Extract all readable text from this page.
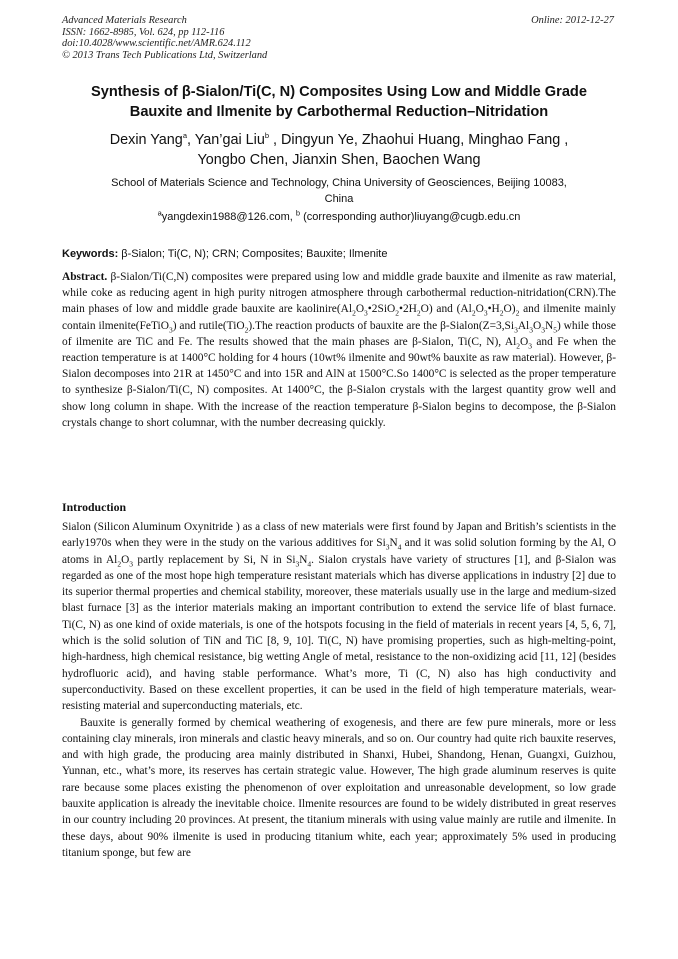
Advanced Materials Research
ISSN: 1662-8985, Vol. 624, pp 112-116
doi:10.4028/www.scientific.net/AMR.624.112
© 2013 Trans Tech Publications Ltd, Switzerland
Online: 2012-12-27
Synthesis of β-Sialon/Ti(C, N) Composites Using Low and Middle Grade
Bauxite and Ilmenite by Carbothermal Reduction–Nitridation
Dexin Yang$^a$, Yan’gai Liu$^b$ , Dingyun Ye, Zhaohui Huang, Minghao Fang ,
Yongbo Chen, Jianxin Shen, Baochen Wang
School of Materials Science and Technology, China University of Geosciences, Beijing 10083,
China
$^a$yangdexin1988@126.com, $^b$ (corresponding author)liuyang@cugb.edu.cn
Keywords: β-Sialon; Ti(C, N); CRN; Composites; Bauxite; Ilmenite
Abstract. β-Sialon/Ti(C,N) composites were prepared using low and middle grade bauxite and ilmenite as raw material, while coke as reducing agent in high purity nitrogen atmosphere through carbothermal reduction-nitridation(CRN).The main phases of low and middle grade bauxite are $kaolinire(Al_2O_3•2SiO_2•2H_2O)$ and $(Al_2O_3•H_2O)_2$ and ilmenite mainly contain ilmenite(FeTiO$_3$) and rutile(TiO$_2$).The reaction products of bauxite are the $\beta-Sialon(Z=3,Si_3Al_3O_3N_5)$ while those of ilmenite are TiC and Fe. The results showed that the main phases are β-Sialon, Ti(C, N), $Al_2O_3$ and Fe when the reaction temperature is at 1400°C holding for 4 hours (10wt% ilmenite and 90wt% bauxite as raw material). However, β-Sialon decomposes into 21R at 1450°C and into 15R and AlN at 1500°C.So 1400°C is selected as the proper temperature to synthesize β-Sialon/Ti(C, N) composites. At 1400°C, the β-Sialon crystals with the largest quantity grow well and show long column in shape. With the increase of the reaction temperature β-Sialon begins to decompose, the β-Sialon crystals change to short columnar, with the number decreasing quickly.
Introduction

Sialon (Silicon Aluminum Oxynitride ) as a class of new materials were first found by Japan and British’s scientists in the early1970s when they were in the study on the various additives for $Si_3N_4$ and it was solid solution forming by the Al, O atoms in $Al_2O_3$ partly replacement by Si, N in $Si_3N_4$. Sialon crystals have variety of structures [1], and β-Sialon was regarded as one of the most hope high temperature resistant materials which has diverse applications in industry [2] due to its superior thermal properties and chemical stability, moreover, these materials usually use in the large and medium-sized blast furnace [3] as the interior materials making an important contribution to extend the service life of blast furnace. Ti(C, N) as one kind of oxide materials, is one of the hotspots focusing in the field of materials in recent years [4, 5, 6, 7], which is the solid solution of TiN and TiC [8, 9, 10]. Ti(C, N) have promising properties, such as high-melting-point, high-hardness, high chemical resistance, big wetting Angle of metal, resistance to the non-oxidizing acid [11, 12] (besides hydrofluoric acid), and having stable performance. What’s more, Ti (C, N) also has high conductivity and superconductivity. Based on these excellent properties, it can be used in the field of high temperature materials, wear-resisting material and superconducting materials, etc.

Bauxite is generally formed by chemical weathering of exogenesis, and there are few pure minerals, more or less containing clay minerals, iron minerals and clastic heavy minerals, and so on. Our country had quite rich bauxite reserves, and with high grade, the producing area mainly distributed in Shanxi, Hubei, Shandong, Henan, Guangxi, Guizhou, Yunnan, etc., what’s more, its reserves has certain strategic value. However, The high grade aluminum reserves is quite rare because some places existing the phenomenon of over exploitation and unreasonable development, so low grade bauxite application is already the inevitable choice. Ilmenite resources are found to be widely distributed in great reserves in our country including 20 provinces. At present, the titanium minerals with using value mainly are rutile and ilmenite. In these days, about 90% ilmenite is used in producing titanium white, each year; approximately 5% used in producing titanium sponge, but few are
